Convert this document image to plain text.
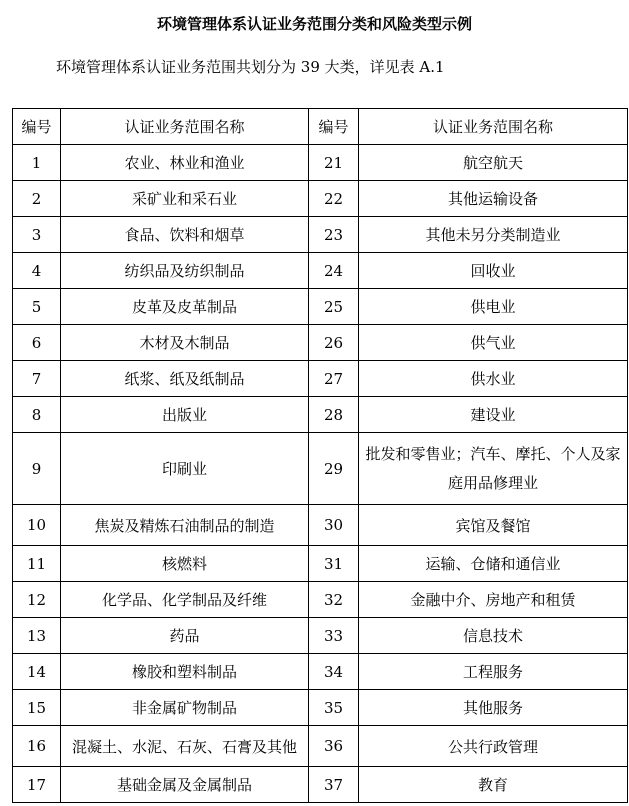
环境管理体系认证业务范围分类和风险类型示例
环境管理体系认证业务范围共划分为 39 大类，详见表 A.1
编号	认证业务范围名称	编号	认证业务范围名称
1	农业、林业和渔业	21	航空航天
2	采矿业和采石业	22	其他运输设备
3	食品、饮料和烟草	23	其他未另分类制造业
4	纺织品及纺织制品	24	回收业
5	皮革及皮革制品	25	供电业
6	木材及木制品	26	供气业
7	纸浆、纸及纸制品	27	供水业
8	出版业	28	建设业
9	印刷业	29	批发和零售业；汽车、摩托、个人及家庭用品修理业
10	焦炭及精炼石油制品的制造	30	宾馆及餐馆
11	核燃料	31	运输、仓储和通信业
12	化学品、化学制品及纤维	32	金融中介、房地产和租赁
13	药品	33	信息技术
14	橡胶和塑料制品	34	工程服务
15	非金属矿物制品	35	其他服务
16	混凝土、水泥、石灰、石膏及其他	36	公共行政管理
17	基础金属及金属制品	37	教育
